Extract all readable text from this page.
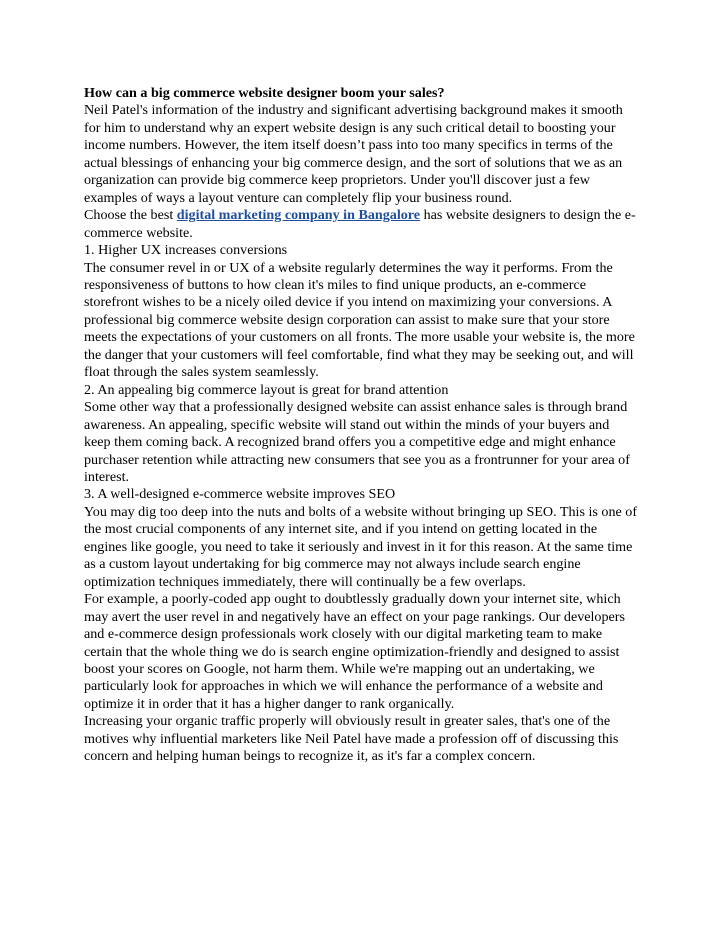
How can a big commerce website designer boom your sales?

Neil Patel's information of the industry and significant advertising background makes it smooth for him to understand why an expert website design is any such critical detail to boosting your income numbers. However, the item itself doesn’t pass into too many specifics in terms of the actual blessings of enhancing your big commerce design, and the sort of solutions that we as an organization can provide big commerce keep proprietors. Under you'll discover just a few examples of ways a layout venture can completely flip your business round.

Choose the best digital marketing company in Bangalore has website designers to design the e-commerce website.

1. Higher UX increases conversions

The consumer revel in or UX of a website regularly determines the way it performs. From the responsiveness of buttons to how clean it's miles to find unique products, an e-commerce storefront wishes to be a nicely oiled device if you intend on maximizing your conversions. A professional big commerce website design corporation can assist to make sure that your store meets the expectations of your customers on all fronts. The more usable your website is, the more the danger that your customers will feel comfortable, find what they may be seeking out, and will float through the sales system seamlessly.

2. An appealing big commerce layout is great for brand attention

Some other way that a professionally designed website can assist enhance sales is through brand awareness. An appealing, specific website will stand out within the minds of your buyers and keep them coming back. A recognized brand offers you a competitive edge and might enhance purchaser retention while attracting new consumers that see you as a frontrunner for your area of interest.

3. A well-designed e-commerce website improves SEO

You may dig too deep into the nuts and bolts of a website without bringing up SEO. This is one of the most crucial components of any internet site, and if you intend on getting located in the engines like google, you need to take it seriously and invest in it for this reason. At the same time as a custom layout undertaking for big commerce may not always include search engine optimization techniques immediately, there will continually be a few overlaps.

For example, a poorly-coded app ought to doubtlessly gradually down your internet site, which may avert the user revel in and negatively have an effect on your page rankings. Our developers and e-commerce design professionals work closely with our digital marketing team to make certain that the whole thing we do is search engine optimization-friendly and designed to assist boost your scores on Google, not harm them. While we're mapping out an undertaking, we particularly look for approaches in which we will enhance the performance of a website and optimize it in order that it has a higher danger to rank organically.

Increasing your organic traffic properly will obviously result in greater sales, that's one of the motives why influential marketers like Neil Patel have made a profession off of discussing this concern and helping human beings to recognize it, as it's far a complex concern.
